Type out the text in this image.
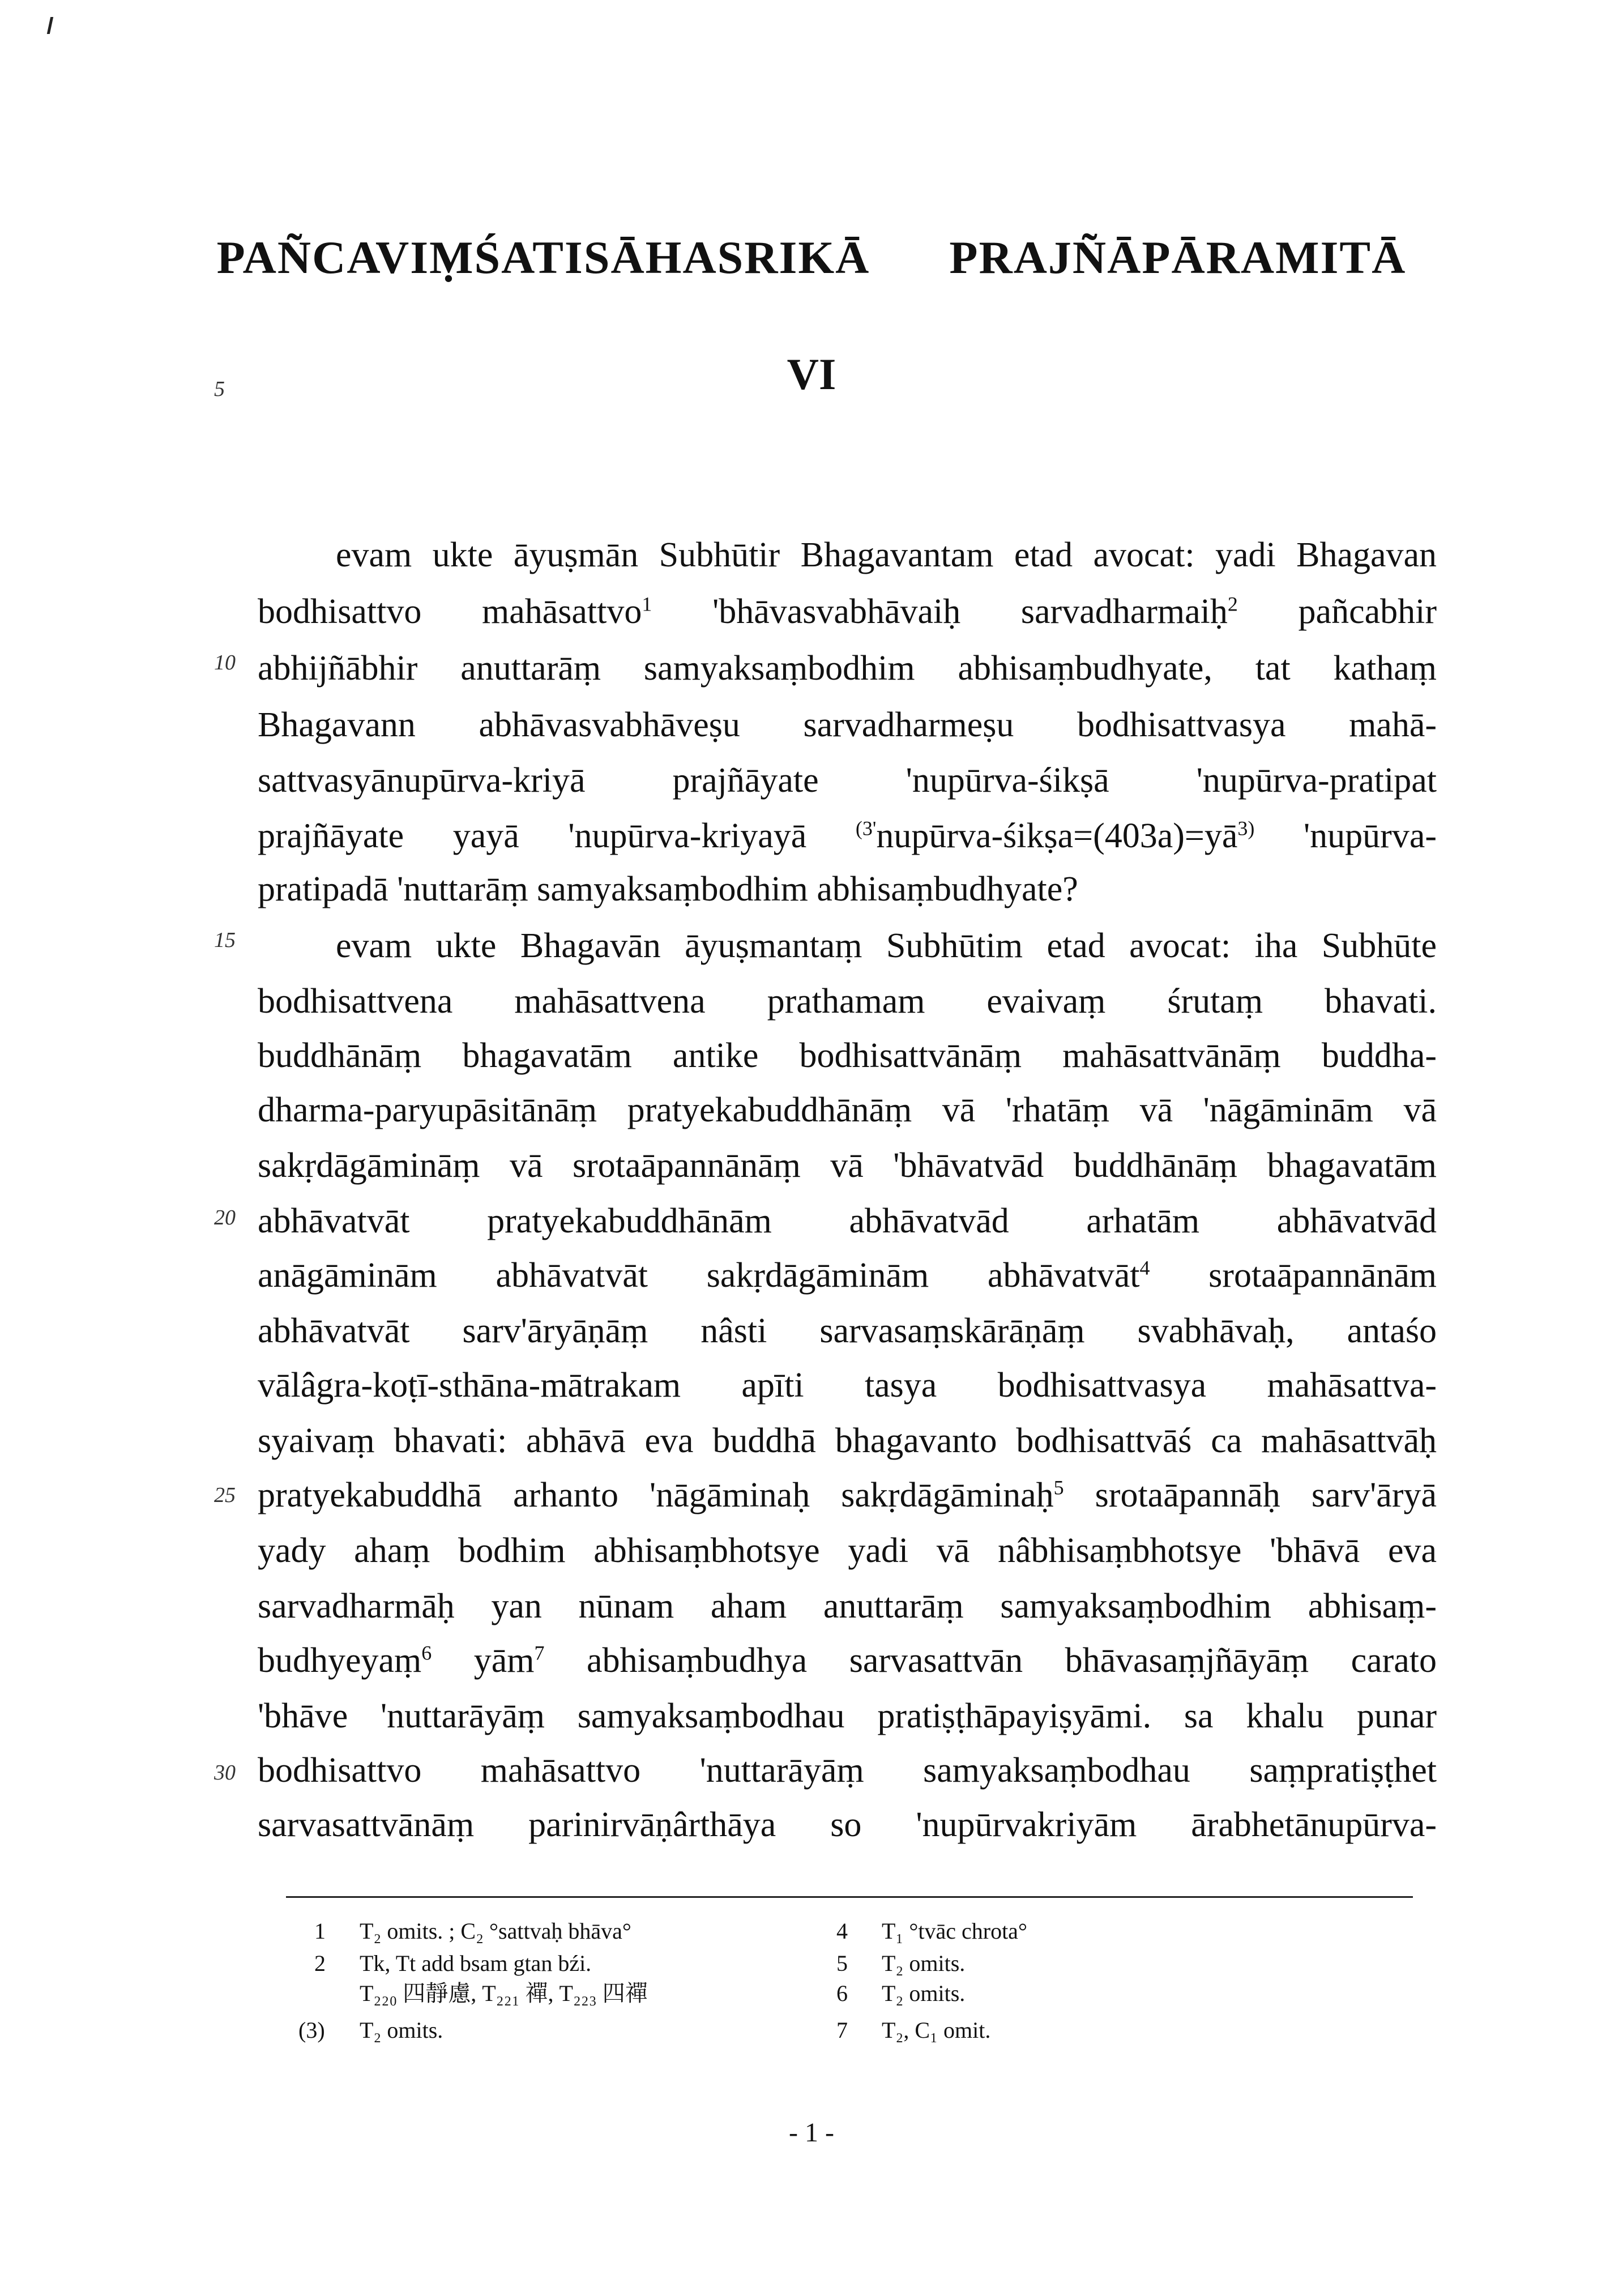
PAÑCAVIṂŚATISĀHASRIKĀ PRAJÑĀPĀRAMITĀ
VI
5
10
15
20
25
30
evam ukte āyuṣmān Subhūtir Bhagavantam etad avocat: yadi Bhagavan
bodhisattvo mahāsattvo$^1$ 'bhāvasvabhāvaiḥ sarvadharmaiḥ$^2$ pañcabhir
abhijñābhir anuttarāṃ samyaksaṃbodhim abhisaṃbudhyate, tat kathaṃ
Bhagavann abhāvasvabhāveṣu sarvadharmeṣu bodhisattvasya mahā-
sattvasyānupūrva-kriyā prajñāyate 'nupūrva-śikṣā 'nupūrva-pratipat
prajñāyate yayā 'nupūrva-kriyayā $^{(3'}nupūrva-śikṣa=(403a)=yā^{3)}$ 'nupūrva-
pratipadā 'nuttarāṃ samyaksaṃbodhim abhisaṃbudhyate?
evam ukte Bhagavān āyuṣmantaṃ Subhūtim etad avocat: iha Subhūte
bodhisattvena mahāsattvena prathamam evaivaṃ śrutaṃ bhavati.
buddhānāṃ bhagavatām antike bodhisattvānāṃ mahāsattvānāṃ buddha-
dharma-paryupāsitānāṃ pratyekabuddhānāṃ vā 'rhatāṃ vā 'nāgāminām vā
sakṛdāgāmināṃ vā srotaāpannānāṃ vā 'bhāvatvād buddhānāṃ bhagavatām
abhāvatvāt pratyekabuddhānām abhāvatvād arhatām abhāvatvād
anāgāminām abhāvatvāt sakṛdāgāminām abhāvatvāt$^4$ srotaāpannānām
abhāvatvāt sarv'āryāṇāṃ nâsti sarvasaṃskārāṇāṃ svabhāvaḥ, antaśo
vālâgra-koṭī-sthāna-mātrakam apīti tasya bodhisattvasya mahāsattva-
syaivaṃ bhavati: abhāvā eva buddhā bhagavanto bodhisattvāś ca mahāsattvāḥ
pratyekabuddhā arhanto 'nāgāminaḥ sakṛdāgāminaḥ$^5$ srotaāpannāḥ sarv'āryā
yady ahaṃ bodhim abhisaṃbhotsye yadi vā nâbhisaṃbhotsye 'bhāvā eva
sarvadharmāḥ yan nūnam aham anuttarāṃ samyaksaṃbodhim abhisaṃ-
budhyeyaṃ$^6$ yām$^7$ abhisaṃbudhya sarvasattvān bhāvasaṃjñāyāṃ carato
'bhāve 'nuttarāyāṃ samyaksaṃbodhau pratiṣṭhāpayiṣyāmi. sa khalu punar
bodhisattvo mahāsattvo 'nuttarāyāṃ samyaksaṃbodhau saṃpratiṣṭhet
sarvasattvānāṃ parinirvāṇârthāya so 'nupūrvakriyām ārabhetānupūrva-
1 T₂ omits. ; C₂ °sattvaḥ bhāva°
2 Tk, Tt add bsam gtan bźi.
T₂₂₀ 四靜慮, T₂₂₁ 禪, T₂₂₃ 四禪
(3) T₂ omits.
4 T₁ °tvāc chrota°
5 T₂ omits.
6 T₂ omits.
7 T₂, C₁ omit.
- 1 -
